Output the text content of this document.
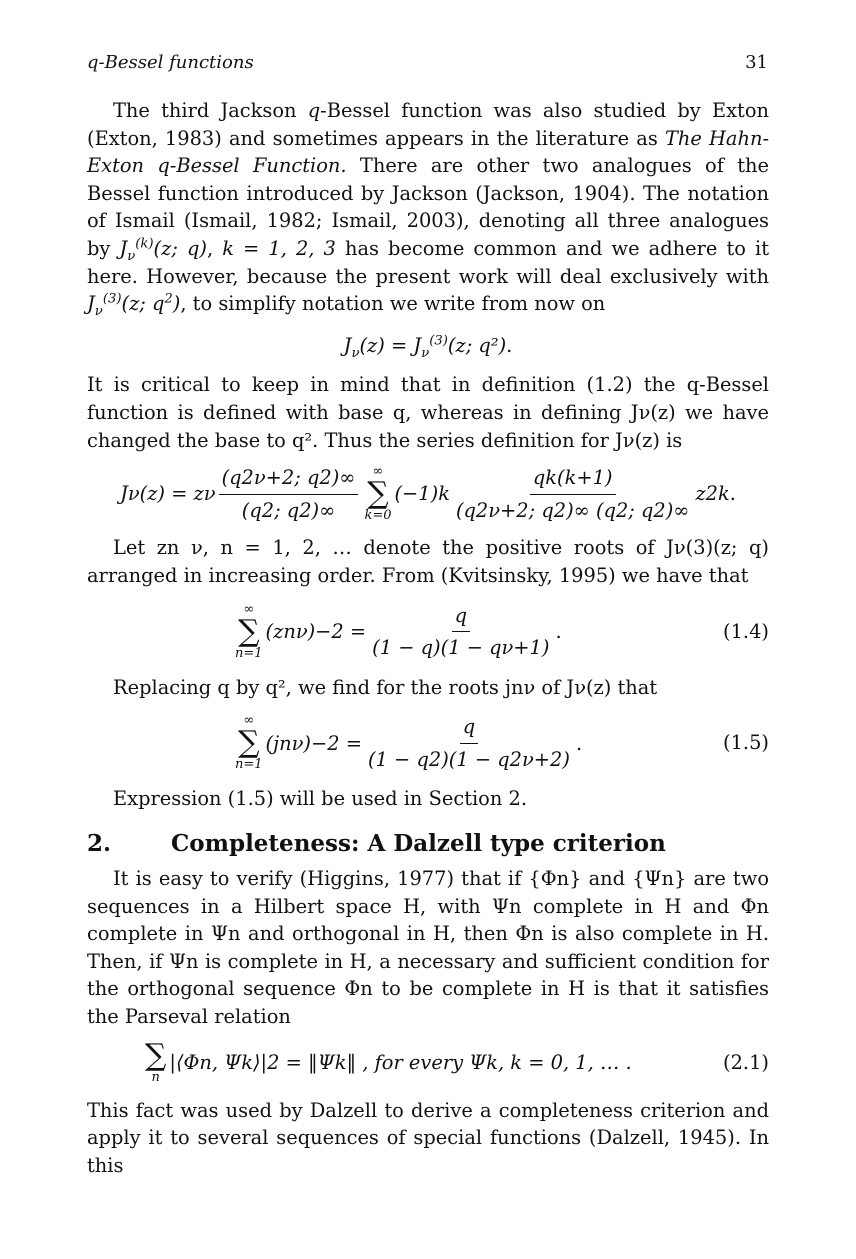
q-Bessel functions	31

The third Jackson q-Bessel function was also studied by Exton (Exton, 1983) and sometimes appears in the literature as The Hahn-Exton q-Bessel Function. There are other two analogues of the Bessel function introduced by Jackson (Jackson, 1904). The notation of Ismail (Ismail, 1982; Ismail, 2003), denoting all three analogues by $J_\nu^{(k)}(z$; q), k = 1, 2, 3 has become common and we adhere to it here. However, because the present work will deal exclusively with $J_\nu^{(3)}(z$; $q^2$), to simplify notation we write from now on

$J_\nu(z) = J_\nu^{(3)}(z$; q²) .

It is critical to keep in mind that in definition (1.2) the q-Bessel function is defined with base q, whereas in defining Jν(z) we have changed the base to q². Thus the series definition for Jν(z) is

Jν(z) = zν $\frac{(q2\nu+2; q2)\infty}{(q2; q2)\infty}$ ∞
∑
k=0
$(-1)k \frac{qk(k+1)}{(q2\nu+2; q2)\infty (q2; q2)\infty} z2k$.

Let zn ν, n = 1, 2, … denote the positive roots of Jν(3)(z; q) arranged in increasing order. From (Kvitsinsky, 1995) we have that

∞
∑
n=1
$(zn\nu)-2 = \frac{q}{(1 - q)(1 - q\nu+1)}$ .	(1.4)

Replacing q by q², we find for the roots jnν of Jν(z) that

∞
∑
n=1
$(jn\nu)-2 = \frac{q}{(1 - q2)(1 - q2\nu+2)}$ .	(1.5)

Expression (1.5) will be used in Section 2.

2.	Completeness: A Dalzell type criterion

It is easy to verify (Higgins, 1977) that if {Φn} and {Ψn} are two sequences in a Hilbert space H, with Ψn complete in H and Φn complete in Ψn and orthogonal in H, then Φn is also complete in H. Then, if Ψn is complete in H, a necessary and sufficient condition for the orthogonal sequence Φn to be complete in H is that it satisfies the Parseval relation

∑
n
|⟨Φn, Ψk⟩|2 = ‖Ψk‖ , for every Ψk, k = 0, 1, … .	(2.1)

This fact was used by Dalzell to derive a completeness criterion and apply it to several sequences of special functions (Dalzell, 1945). In this
